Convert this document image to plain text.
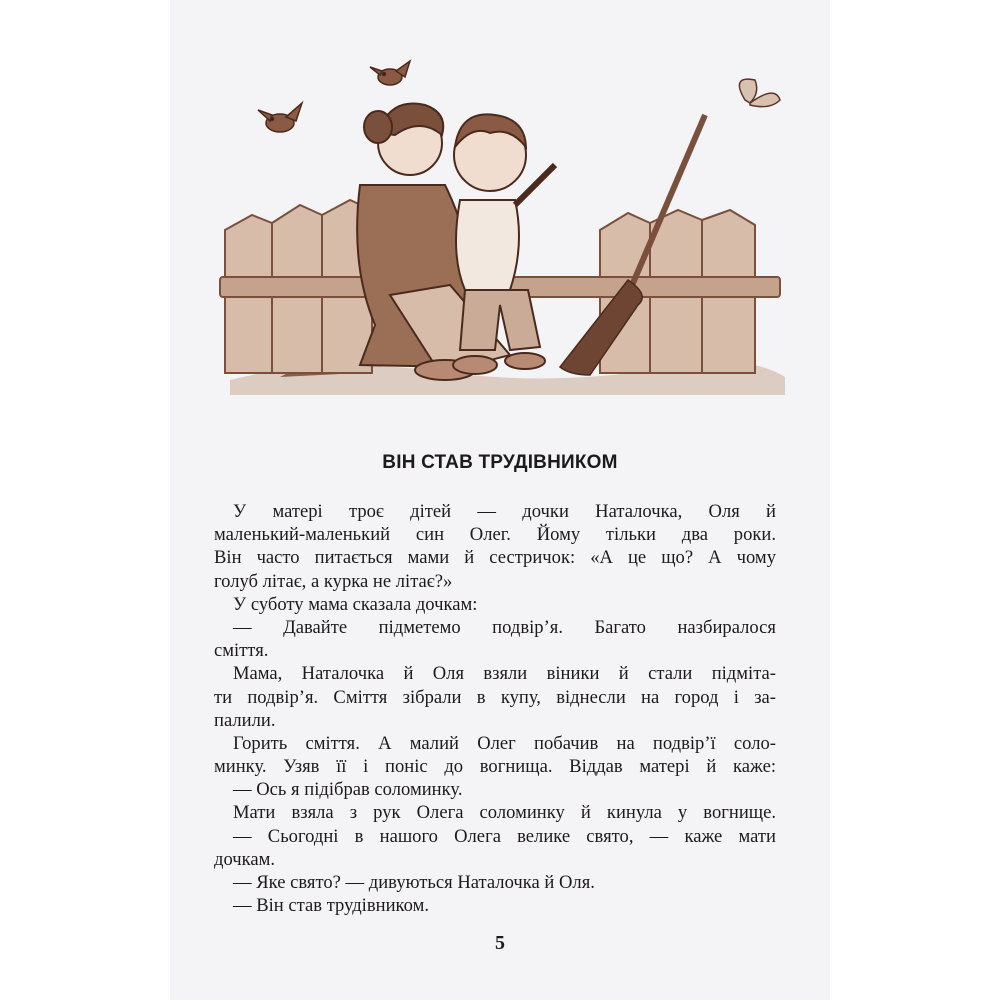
ВІН СТАВ ТРУДІВНИКОМ
У матері троє дітей — дочки Наталочка, Оля й
маленький-маленький син Олег. Йому тільки два роки.
Він часто питається мами й сестричок: «А це що? А чому
голуб літає, а курка не літає?»
У суботу мама сказала дочкам:
— Давайте підметемо подвір’я. Багато назбиралося
сміття.
Мама, Наталочка й Оля взяли віники й стали підміта-
ти подвір’я. Сміття зібрали в купу, віднесли на город і за-
палили.
Горить сміття. А малий Олег побачив на подвір’ї соло-
минку. Узяв її і поніс до вогнища. Віддав матері й каже:
— Ось я підібрав соломинку.
Мати взяла з рук Олега соломинку й кинула у вогнище.
— Сьогодні в нашого Олега велике свято, — каже мати
дочкам.
— Яке свято? — дивуються Наталочка й Оля.
— Він став трудівником.
5
